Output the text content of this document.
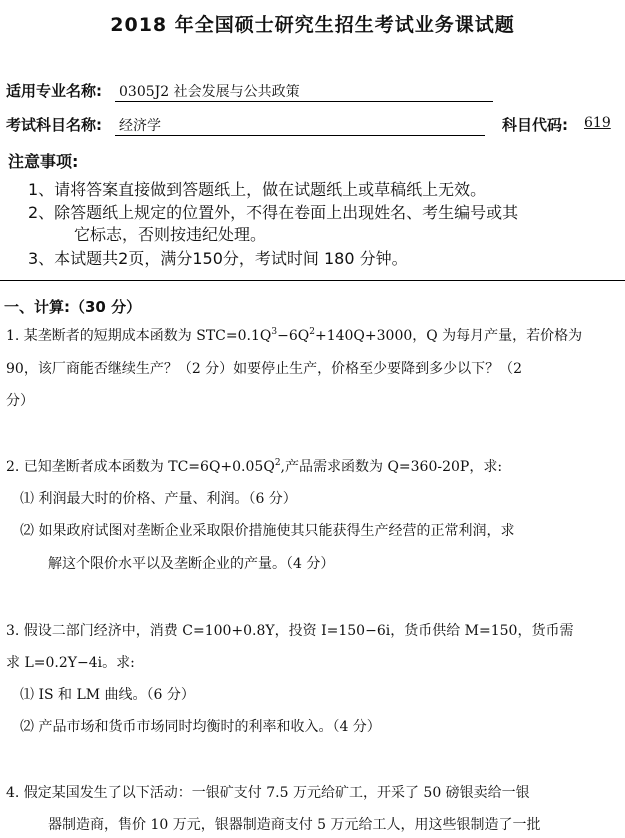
2018 年全国硕士研究生招生考试业务课试题
适用专业名称: 0305J2 社会发展与公共政策
考试科目名称: 经济学	科目代码: 619
注意事项:
1、请将答案直接做到答题纸上，做在试题纸上或草稿纸上无效。
2、除答题纸上规定的位置外，不得在卷面上出现姓名、考生编号或其
它标志，否则按违纪处理。
3、本试题共2页，满分150分，考试时间 180 分钟。
一、计算:（30 分）
1. 某垄断者的短期成本函数为 $STC=0.1Q^3-6Q^2+140Q+3000$，Q 为每月产量，若价格为
90，该厂商能否继续生产？（2 分）如要停止生产，价格至少要降到多少以下？（2
分）
2. 已知垄断者成本函数为 $TC=6Q+0.05Q^2$,产品需求函数为 Q=360-20P，求:
⑴ 利润最大时的价格、产量、利润。（6 分）
⑵ 如果政府试图对垄断企业采取限价措施使其只能获得生产经营的正常利润，求
解这个限价水平以及垄断企业的产量。（4 分）
3. 假设二部门经济中，消费 C=100+0.8Y，投资 I=150−6i，货币供给 M=150，货币需
求 L=0.2Y−4i。求:
⑴ IS 和 LM 曲线。（6 分）
⑵ 产品市场和货币市场同时均衡时的利率和收入。（4 分）
4. 假定某国发生了以下活动：一银矿支付 7.5 万元给矿工，开采了 50 磅银卖给一银
器制造商，售价 10 万元，银器制造商支付 5 万元给工人，用这些银制造了一批
